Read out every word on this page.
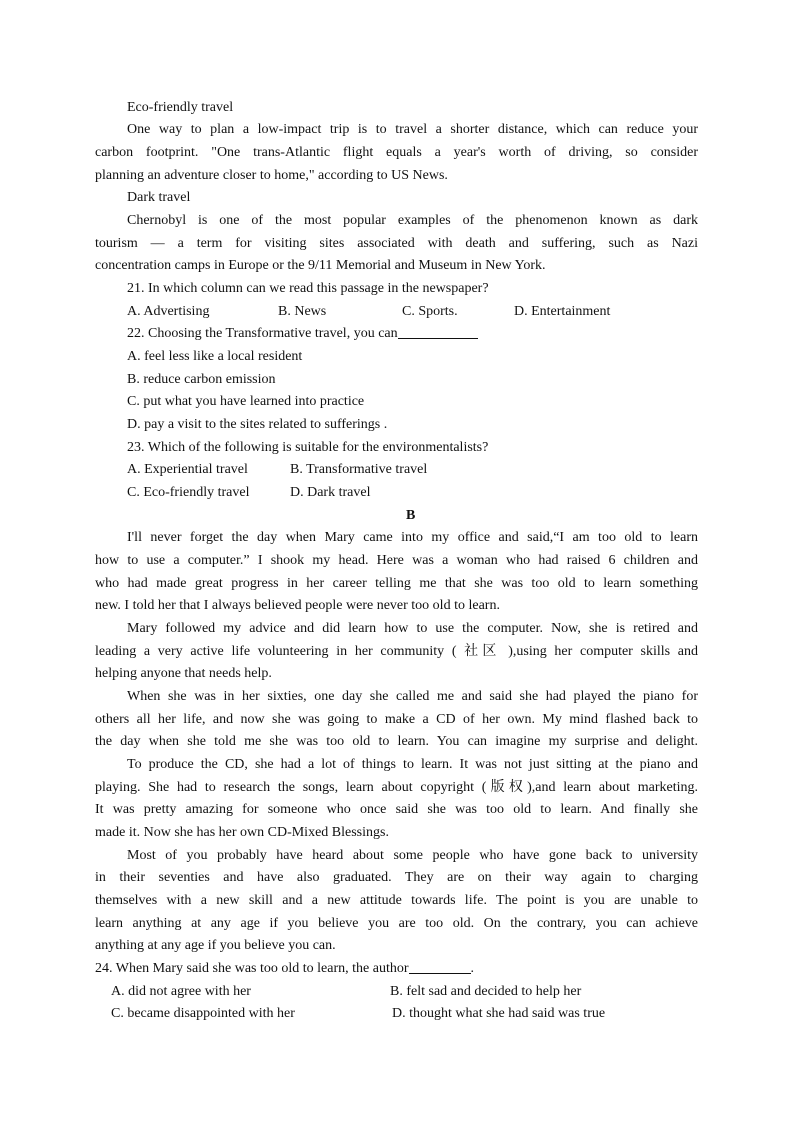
Eco-friendly travel
One way to plan a low-impact trip is to travel a shorter distance, which can reduce your
carbon footprint. "One trans-Atlantic flight equals a year's worth of driving, so consider
planning an adventure closer to home," according to US News.
Dark travel
Chernobyl is one of the most popular examples of the phenomenon known as dark
tourism — a term for visiting sites associated with death and suffering, such as Nazi
concentration camps in Europe or the 9/11 Memorial and Museum in New York.
21. In which column can we read this passage in the newspaper?
A. Advertising	B. News	C. Sports.	D. Entertainment
22. Choosing the Transformative travel, you can
A. feel less like a local resident
B. reduce carbon emission
C. put what you have learned into practice
D. pay a visit to the sites related to sufferings .
23. Which of the following is suitable for the environmentalists?
A. Experiential travel	B. Transformative travel
C. Eco-friendly travel	D. Dark travel
B
I'll never forget the day when Mary came into my office and said,“I am too old to learn
how to use a computer.” I shook my head. Here was a woman who had raised 6 children and
who had made great progress in her career telling me that she was too old to learn something
new. I told her that I always believed people were never too old to learn.
Mary followed my advice and did learn how to use the computer. Now, she is retired and
leading a very active life volunteering in her community ( 社区 ),using her computer skills and
helping anyone that needs help.
When she was in her sixties, one day she called me and said she had played the piano for
others all her life, and now she was going to make a CD of her own. My mind flashed back to
the day when she told me she was too old to learn. You can imagine my surprise and delight.
To produce the CD, she had a lot of things to learn. It was not just sitting at the piano and
playing. She had to research the songs, learn about copyright (版权),and learn about marketing.
It was pretty amazing for someone who once said she was too old to learn. And finally she
made it. Now she has her own CD-Mixed Blessings.
Most of you probably have heard about some people who have gone back to university
in their seventies and have also graduated. They are on their way again to charging
themselves with a new skill and a new attitude towards life. The point is you are unable to
learn anything at any age if you believe you are too old. On the contrary, you can achieve
anything at any age if you believe you can.
24. When Mary said she was too old to learn, the author	.
A. did not agree with her	B. felt sad and decided to help her
C. became disappointed with her	D. thought what she had said was true
